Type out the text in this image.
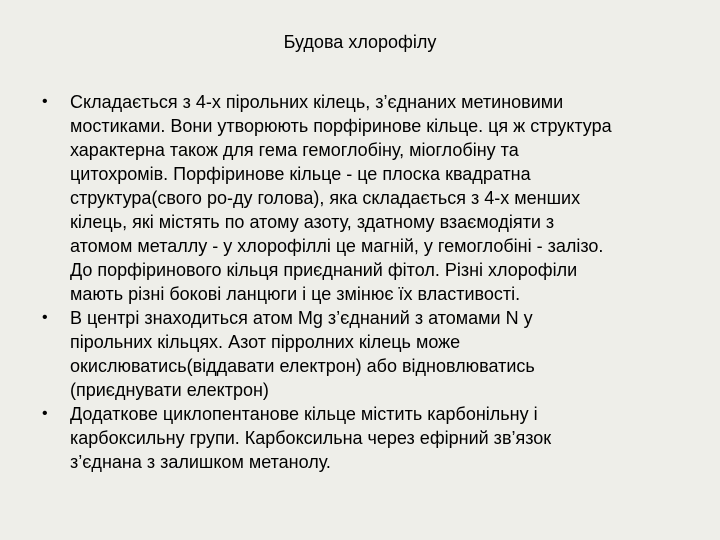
Будова хлорофілу
•	Складається з 4-х пірольних кілець, з’єднаних метиновими
мостиками. Вони утворюють порфіринове кільце. ця ж структура
характерна також для гема гемоглобіну, міоглобіну та
цитохромів. Порфіринове кільце - це плоска квадратна
структура(свого ро-ду голова), яка складається з 4-х менших
кілець, які містять по атому азоту, здатному взаємодіяти з
атомом металлу - у хлорофіллі це магній, у гемоглобіні - залізо.
До порфіринового кільця приєднаний фітол. Різні хлорофіли
мають різні бокові ланцюги і це змінює їх властивості.
•	В центрі знаходиться атом Mg з’єднаний з атомами N у
пірольних кільцях. Азот пірролних кілець може
окислюватись(віддавати електрон) або відновлюватись
(приєднувати електрон)
•	Додаткове циклопентанове кільце містить карбонільну і
карбоксильну групи. Карбоксильна через ефірний зв’язок
з’єднана з залишком метанолу.
